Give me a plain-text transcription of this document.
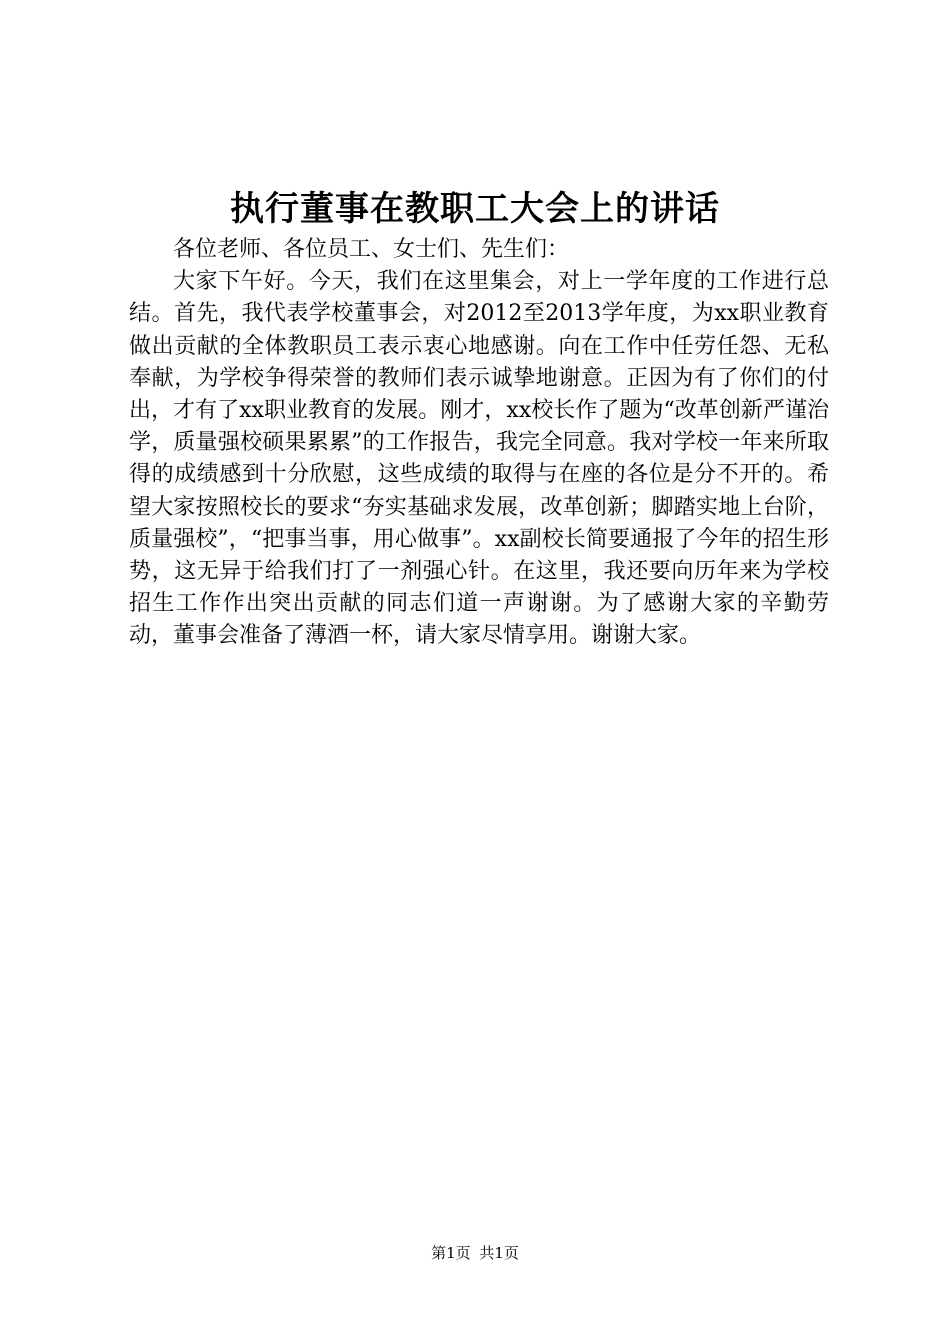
执行董事在教职工大会上的讲话

各位老师、各位员工、女士们、先生们：

大家下午好。今天，我们在这里集会，对上一学年度的工作进行总结。首先，我代表学校董事会，对2012至2013学年度，为xx职业教育做出贡献的全体教职员工表示衷心地感谢。向在工作中任劳任怨、无私奉献，为学校争得荣誉的教师们表示诚挚地谢意。正因为有了你们的付出，才有了xx职业教育的发展。刚才，xx校长作了题为“改革创新严谨治学，质量强校硕果累累”的工作报告，我完全同意。我对学校一年来所取得的成绩感到十分欣慰，这些成绩的取得与在座的各位是分不开的。希望大家按照校长的要求“夯实基础求发展，改革创新；脚踏实地上台阶，质量强校”，“把事当事，用心做事”。xx副校长简要通报了今年的招生形势，这无异于给我们打了一剂强心针。在这里，我还要向历年来为学校招生工作作出突出贡献的同志们道一声谢谢。为了感谢大家的辛勤劳动，董事会准备了薄酒一杯，请大家尽情享用。谢谢大家。

第1页 共1页
